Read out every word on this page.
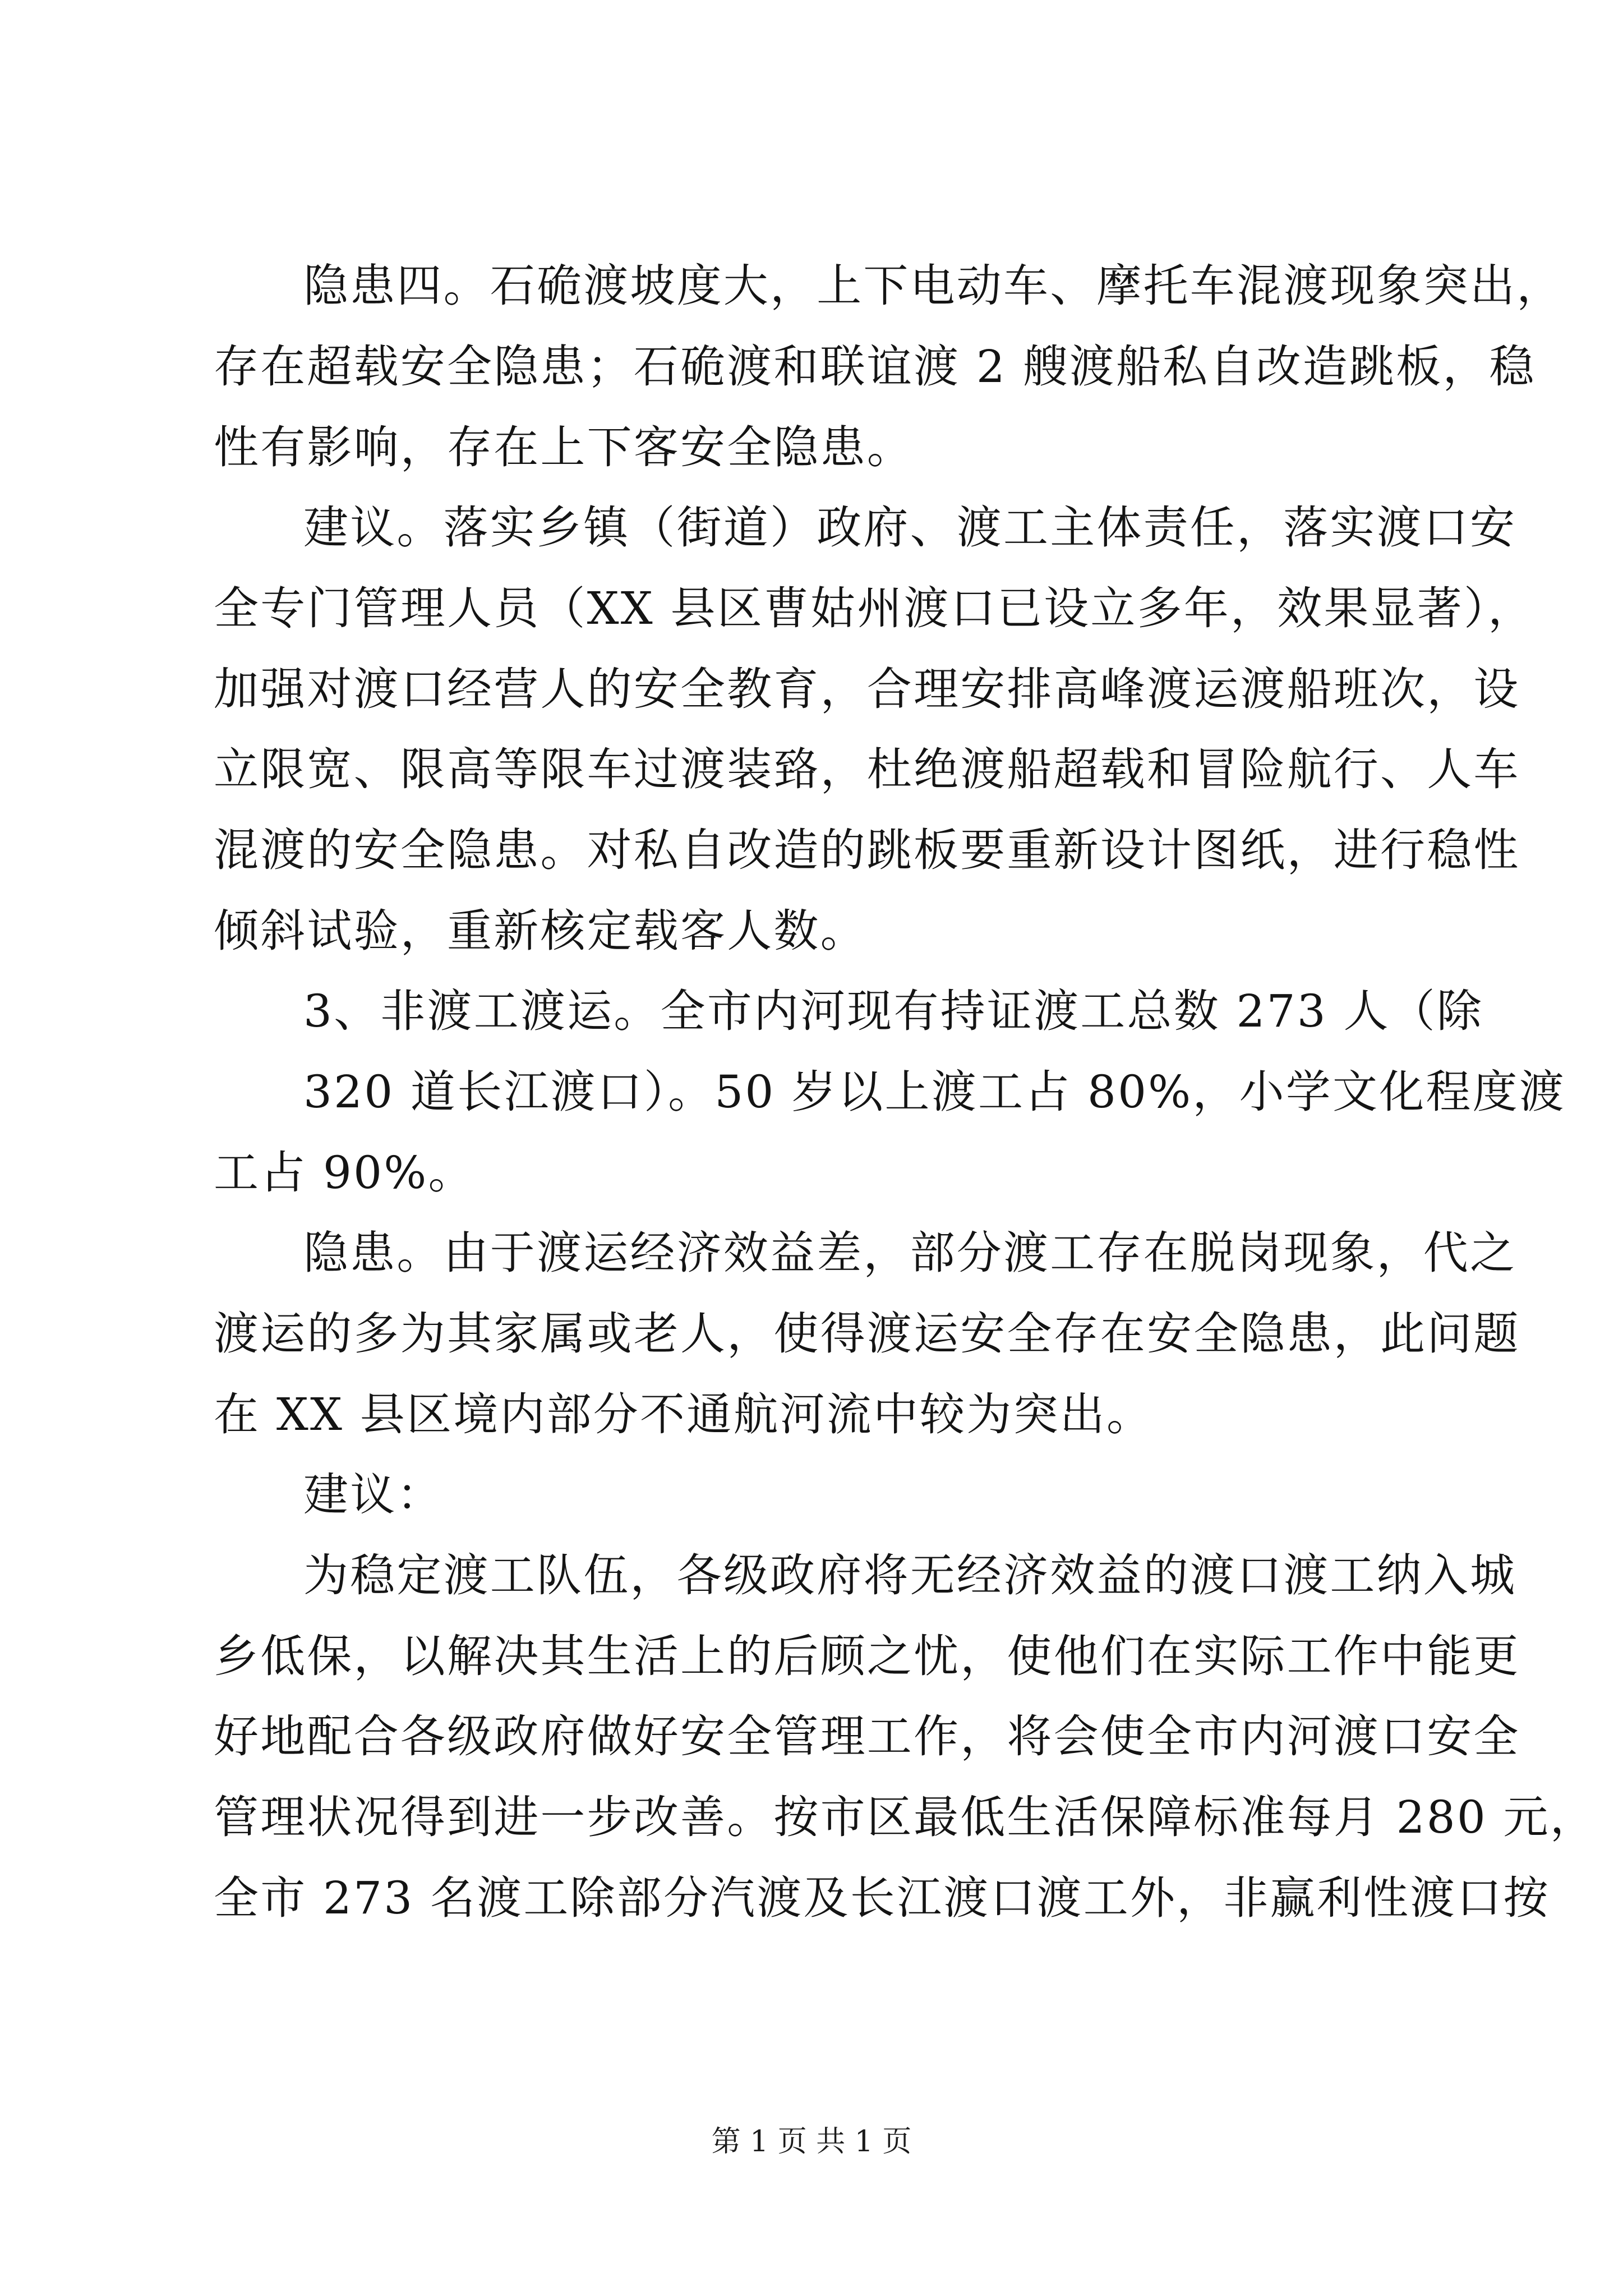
隐患四。石硊渡坡度大，上下电动车、摩托车混渡现象突出，
存在超载安全隐患；石硊渡和联谊渡 2 艘渡船私自改造跳板，稳
性有影响，存在上下客安全隐患。
建议。落实乡镇（街道）政府、渡工主体责任，落实渡口安
全专门管理人员（XX 县区曹姑州渡口已设立多年，效果显著），
加强对渡口经营人的安全教育，合理安排高峰渡运渡船班次，设
立限宽、限高等限车过渡装臵，杜绝渡船超载和冒险航行、人车
混渡的安全隐患。对私自改造的跳板要重新设计图纸，进行稳性
倾斜试验，重新核定载客人数。
3、非渡工渡运。全市内河现有持证渡工总数 273 人（除
320 道长江渡口）。50 岁以上渡工占 80%，小学文化程度渡
工占 90%。
隐患。由于渡运经济效益差，部分渡工存在脱岗现象，代之
渡运的多为其家属或老人，使得渡运安全存在安全隐患，此问题
在 XX 县区境内部分不通航河流中较为突出。
建议：
为稳定渡工队伍，各级政府将无经济效益的渡口渡工纳入城
乡低保，以解决其生活上的后顾之忧，使他们在实际工作中能更
好地配合各级政府做好安全管理工作，将会使全市内河渡口安全
管理状况得到进一步改善。按市区最低生活保障标准每月 280 元，
全市 273 名渡工除部分汽渡及长江渡口渡工外，非赢利性渡口按
第 1 页 共 1 页
